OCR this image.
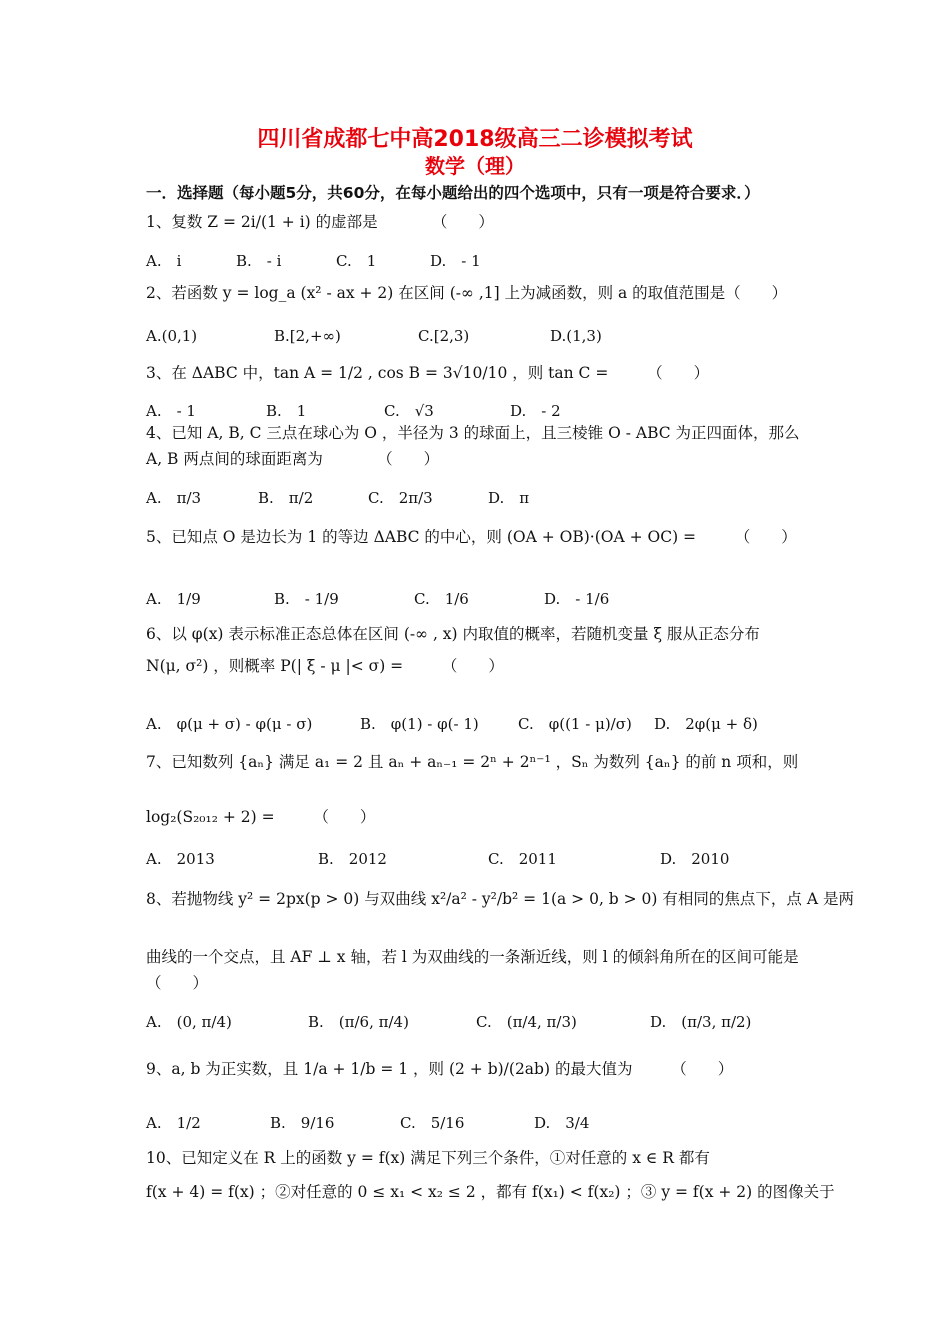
四川省成都七中高2018级高三二诊模拟考试
数学（理）
一．选择题（每小题5分，共60分，在每小题给出的四个选项中，只有一项是符合要求．）
1、复数 Z = 2i/(1 + i) 的虚部是　　　　（　　）
A.　i	B.　- i	C.　1	D.　- 1
2、若函数 y = log_a (x² - ax + 2) 在区间 (-∞ ,1] 上为减函数，则 a 的取值范围是（　　）
A.(0,1)	B.[2,+∞)	C.[2,3)	D.(1,3)
3、在 ΔABC 中，tan A = 1/2 , cos B = 3√10/10 ，则 tan C =　　　（　　）
A.　- 1	B.　1	C.　√3	D.　- 2
4、已知 A, B, C 三点在球心为 O ，半径为 3 的球面上，且三棱锥 O - ABC 为正四面体，那么
A, B 两点间的球面距离为　　　　（　　）
A.　π/3	B.　π/2	C.　2π/3	D.　π
5、已知点 O 是边长为 1 的等边 ΔABC 的中心，则 (OA + OB)·(OA + OC) =　　　（　　）
A.　1/9	B.　- 1/9	C.　1/6	D.　- 1/6
6、以 φ(x) 表示标准正态总体在区间 (-∞ , x) 内取值的概率，若随机变量 ξ 服从正态分布
N(μ, σ²) ，则概率 P(| ξ - μ |< σ) =　　　（　　）
A.　φ(μ + σ) - φ(μ - σ)	B.　φ(1) - φ(- 1)	C.　φ((1 - μ)/σ) D.　2φ(μ + δ)
7、已知数列 {aₙ} 满足 a₁ = 2 且 aₙ + aₙ₋₁ = 2ⁿ + 2ⁿ⁻¹ ，Sₙ 为数列 {aₙ} 的前 n 项和，则
log₂(S₂₀₁₂ + 2) =　　　（　　）
A.　2013	B.　2012	C.　2011	D.　2010
8、若抛物线 y² = 2px(p > 0) 与双曲线 x²/a² - y²/b² = 1(a > 0, b > 0) 有相同的焦点下，点 A 是两
曲线的一个交点，且 AF ⊥ x 轴，若 l 为双曲线的一条渐近线，则 l 的倾斜角所在的区间可能是
（　　）
A.　(0, π/4)	B.　(π/6, π/4)	C.　(π/4, π/3)	D.　(π/3, π/2)
9、a, b 为正实数，且 1/a + 1/b = 1 ，则 (2 + b)/(2ab) 的最大值为　　　（　　）
A.　1/2	B.　9/16	C.　5/16	D.　3/4
10、已知定义在 R 上的函数 y = f(x) 满足下列三个条件，①对任意的 x ∈ R 都有
f(x + 4) = f(x) ；②对任意的 0 ≤ x₁ < x₂ ≤ 2 ，都有 f(x₁) < f(x₂) ；③ y = f(x + 2) 的图像关于
